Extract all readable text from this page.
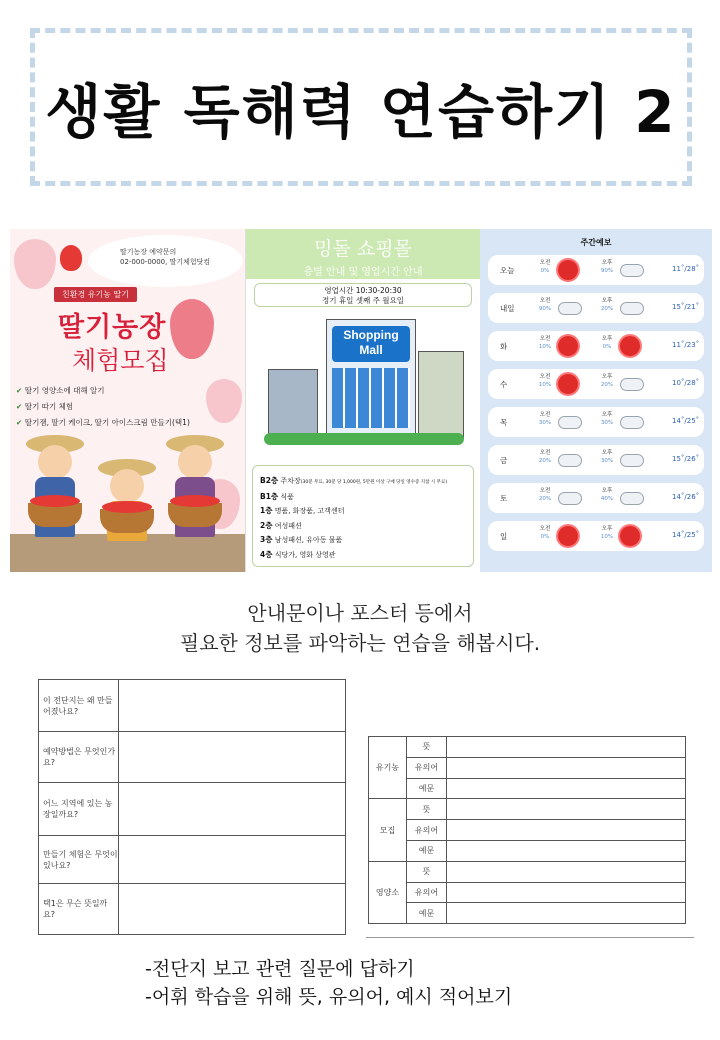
생활 독해력 연습하기 2
딸기농장 예약문의
02-000-0000, 딸기체험닷컴
친환경 유기농 딸기
딸기농장
체험모집
✔ 딸기 영양소에 대해 알기
✔ 딸기 따기 체험
✔ 딸기잼, 딸기 케이크, 딸기 아이스크림 만들기(택1)
밍돌 쇼핑몰
층별 안내 및 영업시간 안내
영업시간 10:30-20:30
정기 휴일 셋째 주 월요일
Shopping
Mall
B2층 주차장(30분 무료, 30분 당 1,000원, 5만원 이상 구매 당일 영수증 지참 시 무료)
B1층 식품
1층 명품, 화장품, 고객센터
2층 여성패션
3층 남성패션, 유아동 물품
4층 식당가, 영화 상영관
주간예보
오늘
오전
0%
오후
90%	11˚/28˚
내일
오전
90%
오후
20%	15˚/21˚
화
오전
10%
오후
0%	11˚/23˚
수
오전
10%
오후
20%	10˚/28˚
목
오전
30%
오후
30%	14˚/25˚
금
오전
20%
오후
30%	15˚/26˚
토
오전
20%
오후
40%	14˚/26˚
일
오전
0%
오후
10%	14˚/25˚
안내문이나 포스터 등에서
필요한 정보를 파악하는 연습을 해봅시다.
이 전단지는 왜 만들어졌나요?	
예약방법은 무엇인가요?	
어느 지역에 있는 농장일까요?	
만들기 체험은 무엇이 있나요?	
택1은 무슨 뜻일까요?	
유기농	뜻	
	유의어	
	예문	
모집	뜻	
	유의어	
	예문	
영양소	뜻	
	유의어	
	예문	
-전단지 보고 관련 질문에 답하기
-어휘 학습을 위해 뜻, 유의어, 예시 적어보기
